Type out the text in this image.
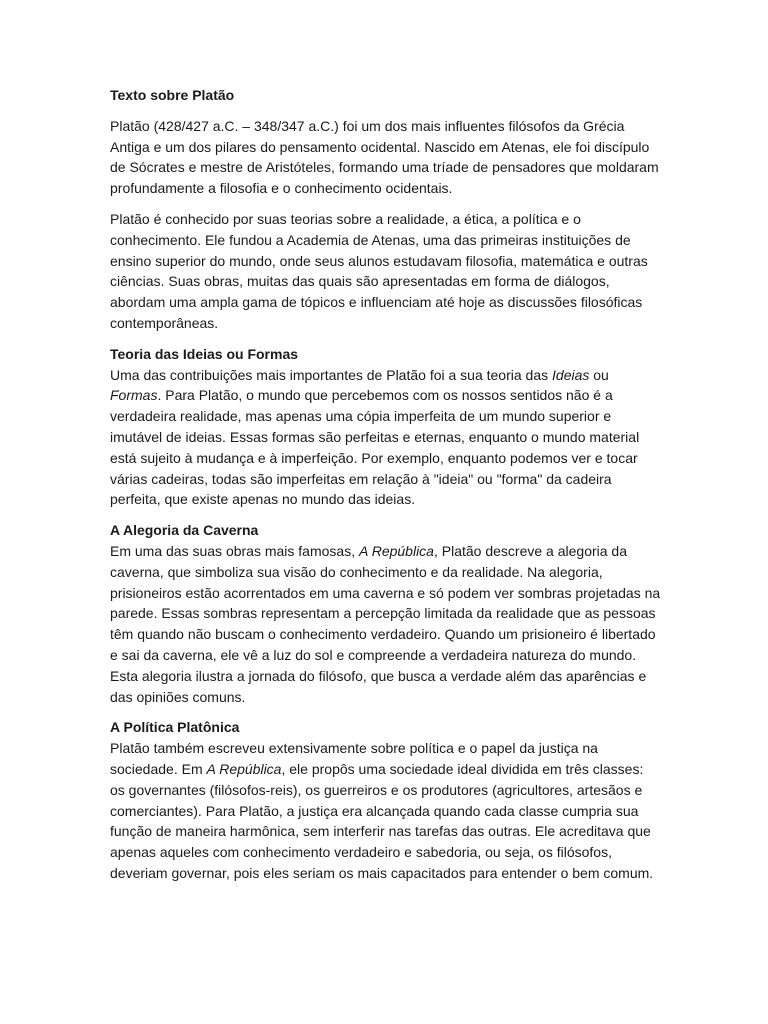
Texto sobre Platão

Platão (428/427 a.C. – 348/347 a.C.) foi um dos mais influentes filósofos da Grécia Antiga e um dos pilares do pensamento ocidental. Nascido em Atenas, ele foi discípulo de Sócrates e mestre de Aristóteles, formando uma tríade de pensadores que moldaram profundamente a filosofia e o conhecimento ocidentais.

Platão é conhecido por suas teorias sobre a realidade, a ética, a política e o conhecimento. Ele fundou a Academia de Atenas, uma das primeiras instituições de ensino superior do mundo, onde seus alunos estudavam filosofia, matemática e outras ciências. Suas obras, muitas das quais são apresentadas em forma de diálogos, abordam uma ampla gama de tópicos e influenciam até hoje as discussões filosóficas contemporâneas.

Teoria das Ideias ou Formas

Uma das contribuições mais importantes de Platão foi a sua teoria das Ideias ou Formas. Para Platão, o mundo que percebemos com os nossos sentidos não é a verdadeira realidade, mas apenas uma cópia imperfeita de um mundo superior e imutável de ideias. Essas formas são perfeitas e eternas, enquanto o mundo material está sujeito à mudança e à imperfeição. Por exemplo, enquanto podemos ver e tocar várias cadeiras, todas são imperfeitas em relação à "ideia" ou "forma" da cadeira perfeita, que existe apenas no mundo das ideias.

A Alegoria da Caverna

Em uma das suas obras mais famosas, A República, Platão descreve a alegoria da caverna, que simboliza sua visão do conhecimento e da realidade. Na alegoria, prisioneiros estão acorrentados em uma caverna e só podem ver sombras projetadas na parede. Essas sombras representam a percepção limitada da realidade que as pessoas têm quando não buscam o conhecimento verdadeiro. Quando um prisioneiro é libertado e sai da caverna, ele vê a luz do sol e compreende a verdadeira natureza do mundo. Esta alegoria ilustra a jornada do filósofo, que busca a verdade além das aparências e das opiniões comuns.

A Política Platônica

Platão também escreveu extensivamente sobre política e o papel da justiça na sociedade. Em A República, ele propôs uma sociedade ideal dividida em três classes: os governantes (filósofos-reis), os guerreiros e os produtores (agricultores, artesãos e comerciantes). Para Platão, a justiça era alcançada quando cada classe cumpria sua função de maneira harmônica, sem interferir nas tarefas das outras. Ele acreditava que apenas aqueles com conhecimento verdadeiro e sabedoria, ou seja, os filósofos, deveriam governar, pois eles seriam os mais capacitados para entender o bem comum.
